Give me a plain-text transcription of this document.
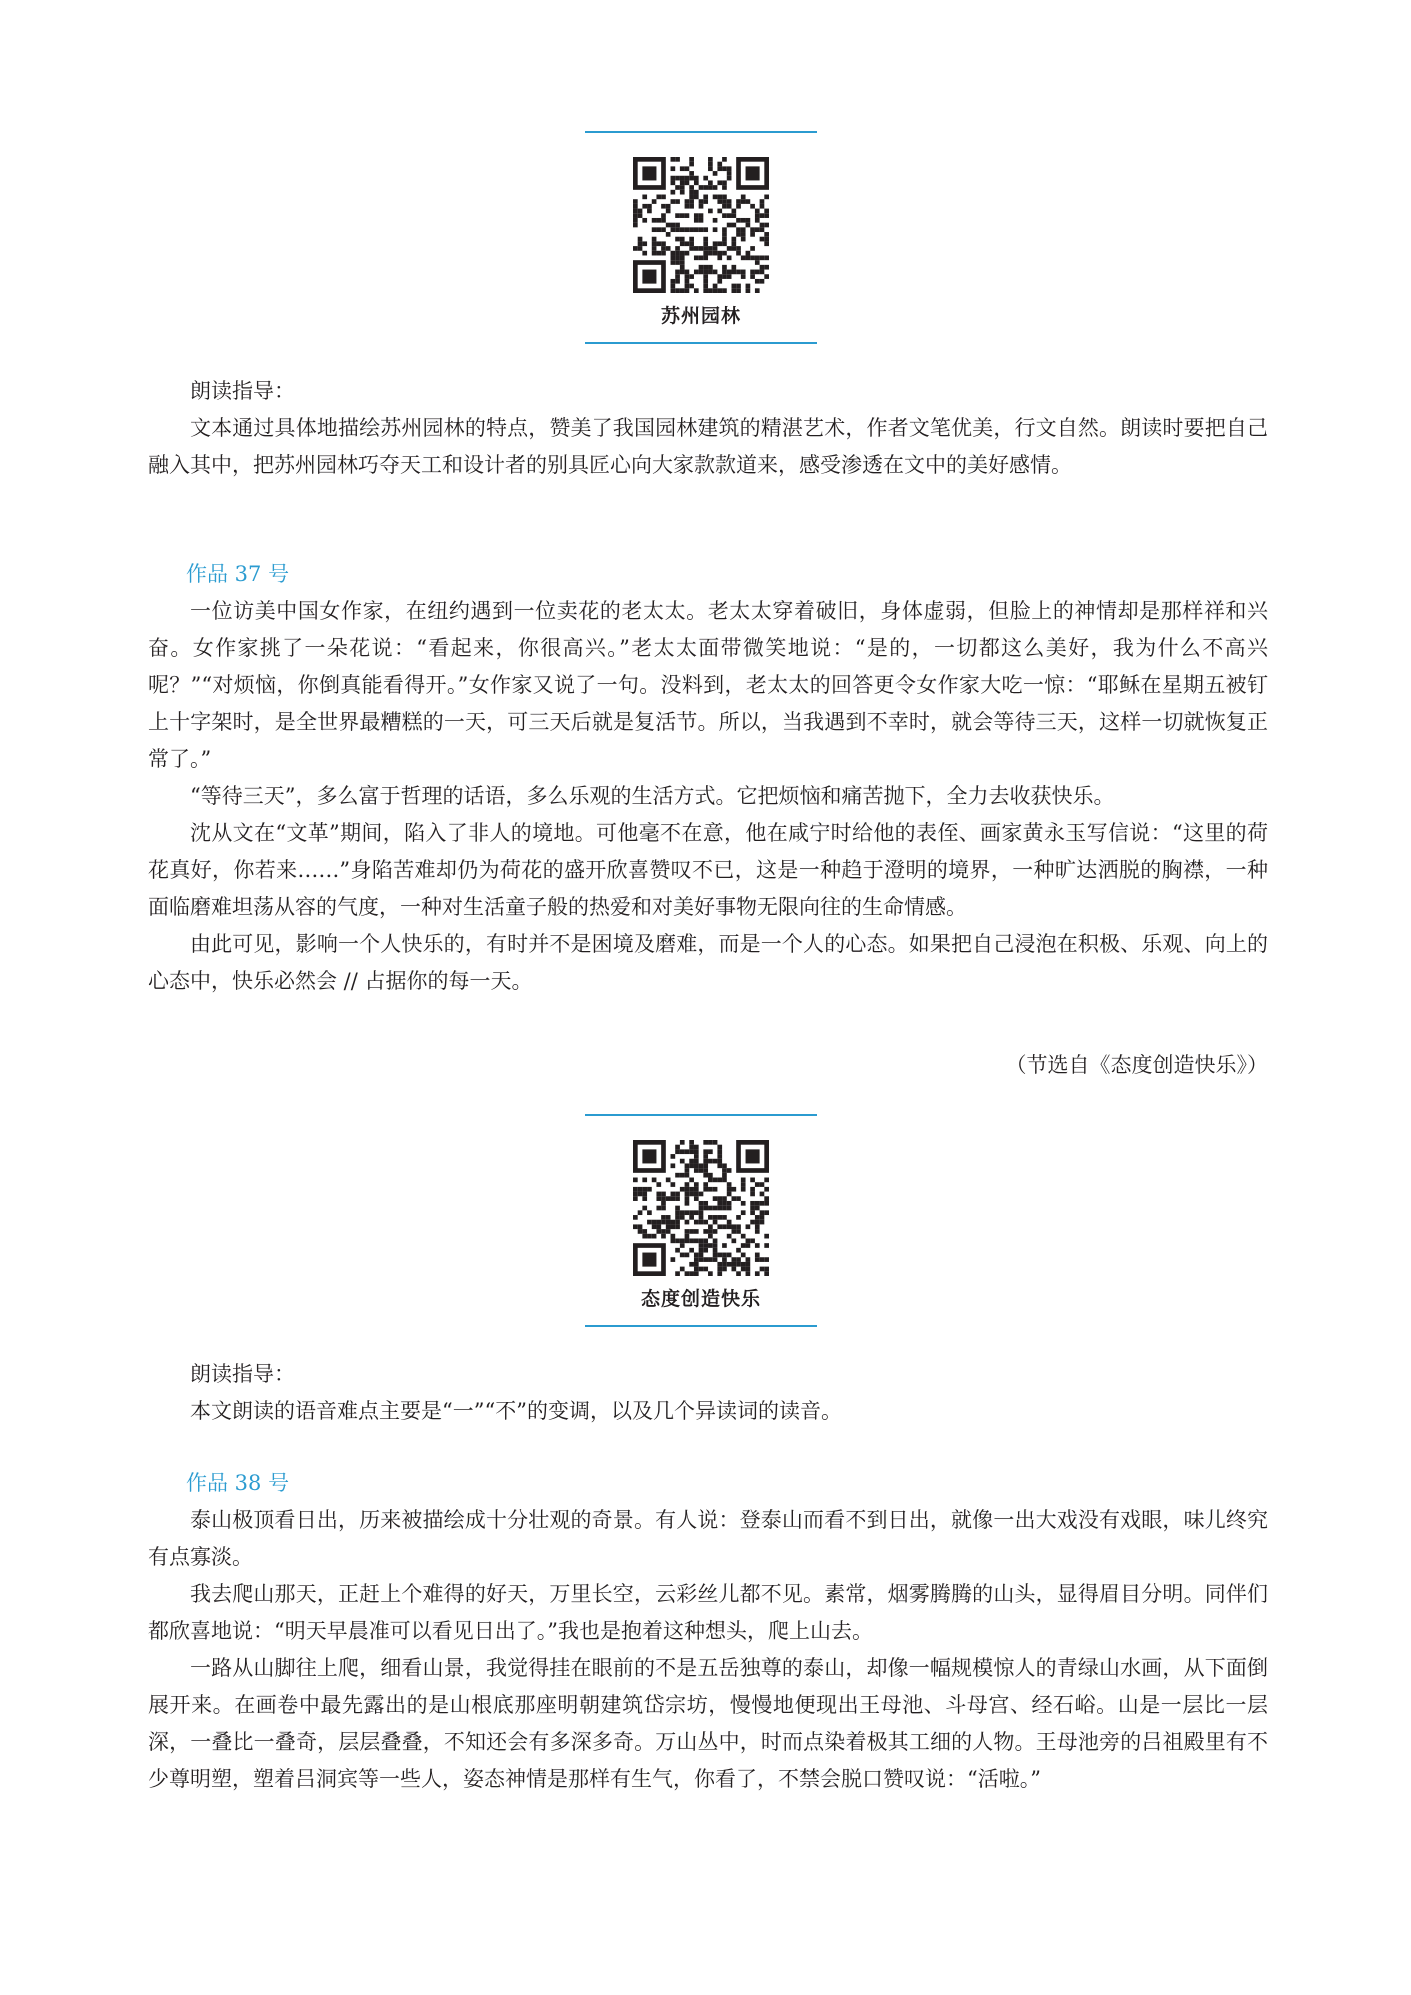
苏州园林

朗读指导：

文本通过具体地描绘苏州园林的特点，赞美了我国园林建筑的精湛艺术，作者文笔优美，行文自然。朗读时要把自己融入其中，把苏州园林巧夺天工和设计者的别具匠心向大家款款道来，感受渗透在文中的美好感情。

作品 37 号

一位访美中国女作家，在纽约遇到一位卖花的老太太。老太太穿着破旧，身体虚弱，但脸上的神情却是那样祥和兴奋。女作家挑了一朵花说：“看起来，你很高兴。”老太太面带微笑地说：“是的，一切都这么美好，我为什么不高兴呢？”“对烦恼，你倒真能看得开。”女作家又说了一句。没料到，老太太的回答更令女作家大吃一惊：“耶稣在星期五被钉上十字架时，是全世界最糟糕的一天，可三天后就是复活节。所以，当我遇到不幸时，就会等待三天，这样一切就恢复正常了。”

“等待三天”，多么富于哲理的话语，多么乐观的生活方式。它把烦恼和痛苦抛下，全力去收获快乐。

沈从文在“文革”期间，陷入了非人的境地。可他毫不在意，他在咸宁时给他的表侄、画家黄永玉写信说：“这里的荷花真好，你若来……”身陷苦难却仍为荷花的盛开欣喜赞叹不已，这是一种趋于澄明的境界，一种旷达洒脱的胸襟，一种面临磨难坦荡从容的气度，一种对生活童子般的热爱和对美好事物无限向往的生命情感。

由此可见，影响一个人快乐的，有时并不是困境及磨难，而是一个人的心态。如果把自己浸泡在积极、乐观、向上的心态中，快乐必然会 // 占据你的每一天。

（节选自《态度创造快乐》）
态度创造快乐

朗读指导：

本文朗读的语音难点主要是“一”“不”的变调，以及几个异读词的读音。

作品 38 号

泰山极顶看日出，历来被描绘成十分壮观的奇景。有人说：登泰山而看不到日出，就像一出大戏没有戏眼，味儿终究有点寡淡。

我去爬山那天，正赶上个难得的好天，万里长空，云彩丝儿都不见。素常，烟雾腾腾的山头，显得眉目分明。同伴们都欣喜地说：“明天早晨准可以看见日出了。”我也是抱着这种想头，爬上山去。

一路从山脚往上爬，细看山景，我觉得挂在眼前的不是五岳独尊的泰山，却像一幅规模惊人的青绿山水画，从下面倒展开来。在画卷中最先露出的是山根底那座明朝建筑岱宗坊，慢慢地便现出王母池、斗母宫、经石峪。山是一层比一层深，一叠比一叠奇，层层叠叠，不知还会有多深多奇。万山丛中，时而点染着极其工细的人物。王母池旁的吕祖殿里有不少尊明塑，塑着吕洞宾等一些人，姿态神情是那样有生气，你看了，不禁会脱口赞叹说：“活啦。”
